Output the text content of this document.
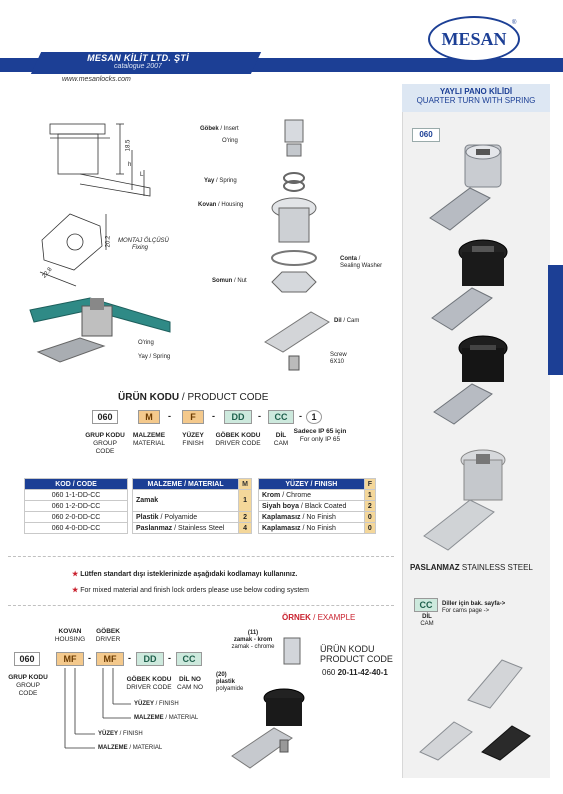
MESAN KİLİT LTD. ŞTİ
catalogue 2007
www.mesanlocks.com
MESAN
®
YAYLI PANO KİLİDİ
QUARTER TURN WITH SPRING
060
PASLANMAZ STAINLESS STEEL
CC
DİL
CAM
Diller için bak. sayfa->
For cams page ->
18.5
L
h
20.2
22.8
MONTAJ ÖLÇÜSÜ
Fixing
O'ring
Yay / Spring
Göbek / Insert
O'ring
Yay / Spring
Kovan / Housing
Conta /
Sealing Washer
Somun / Nut
Dil / Cam
Screw
6X10
ÜRÜN KODU / PRODUCT CODE
060	M	-	F	-	DD	-	CC	-	1
GRUP KODU
GROUP CODE
MALZEME
MATERIAL
YÜZEY
FINISH
GÖBEK KODU
DRIVER CODE
DİL
CAM
Sadece IP 65 için
For only IP 65
KOD / CODE
060 1-1-DD-CC
060 1-2-DD-CC
060 2-0-DD-CC
060 4-0-DD-CC
MALZEME / MATERIAL	M
Zamak	1
Plastik / Polyamide	2
Paslanmaz / Stainless Steel	4
YÜZEY / FINISH	F
Krom / Chrome	1
Siyah boya / Black Coated	2
Kaplamasız / No Finish	0
Kaplamasız / No Finish	0
★ Lütfen standart dışı isteklerinizde aşağıdaki kodlamayı kullanınız.
★ For mixed material and finish lock orders please use below coding system
060
GRUP KODU
GROUP CODE
KOVAN
HOUSING
GÖBEK
DRIVER
MF	-	MF	-	DD	-	CC
GÖBEK KODU
DRIVER CODE
DİL NO
CAM NO
YÜZEY / FINISH
MALZEME / MATERIAL
YÜZEY / FINISH
MALZEME / MATERIAL
ÖRNEK / EXAMPLE
(11)
zamak - krom
zamak - chrome
(20)
plastik
polyamide
ÜRÜN KODU
PRODUCT CODE
060 20-11-42-40-1
